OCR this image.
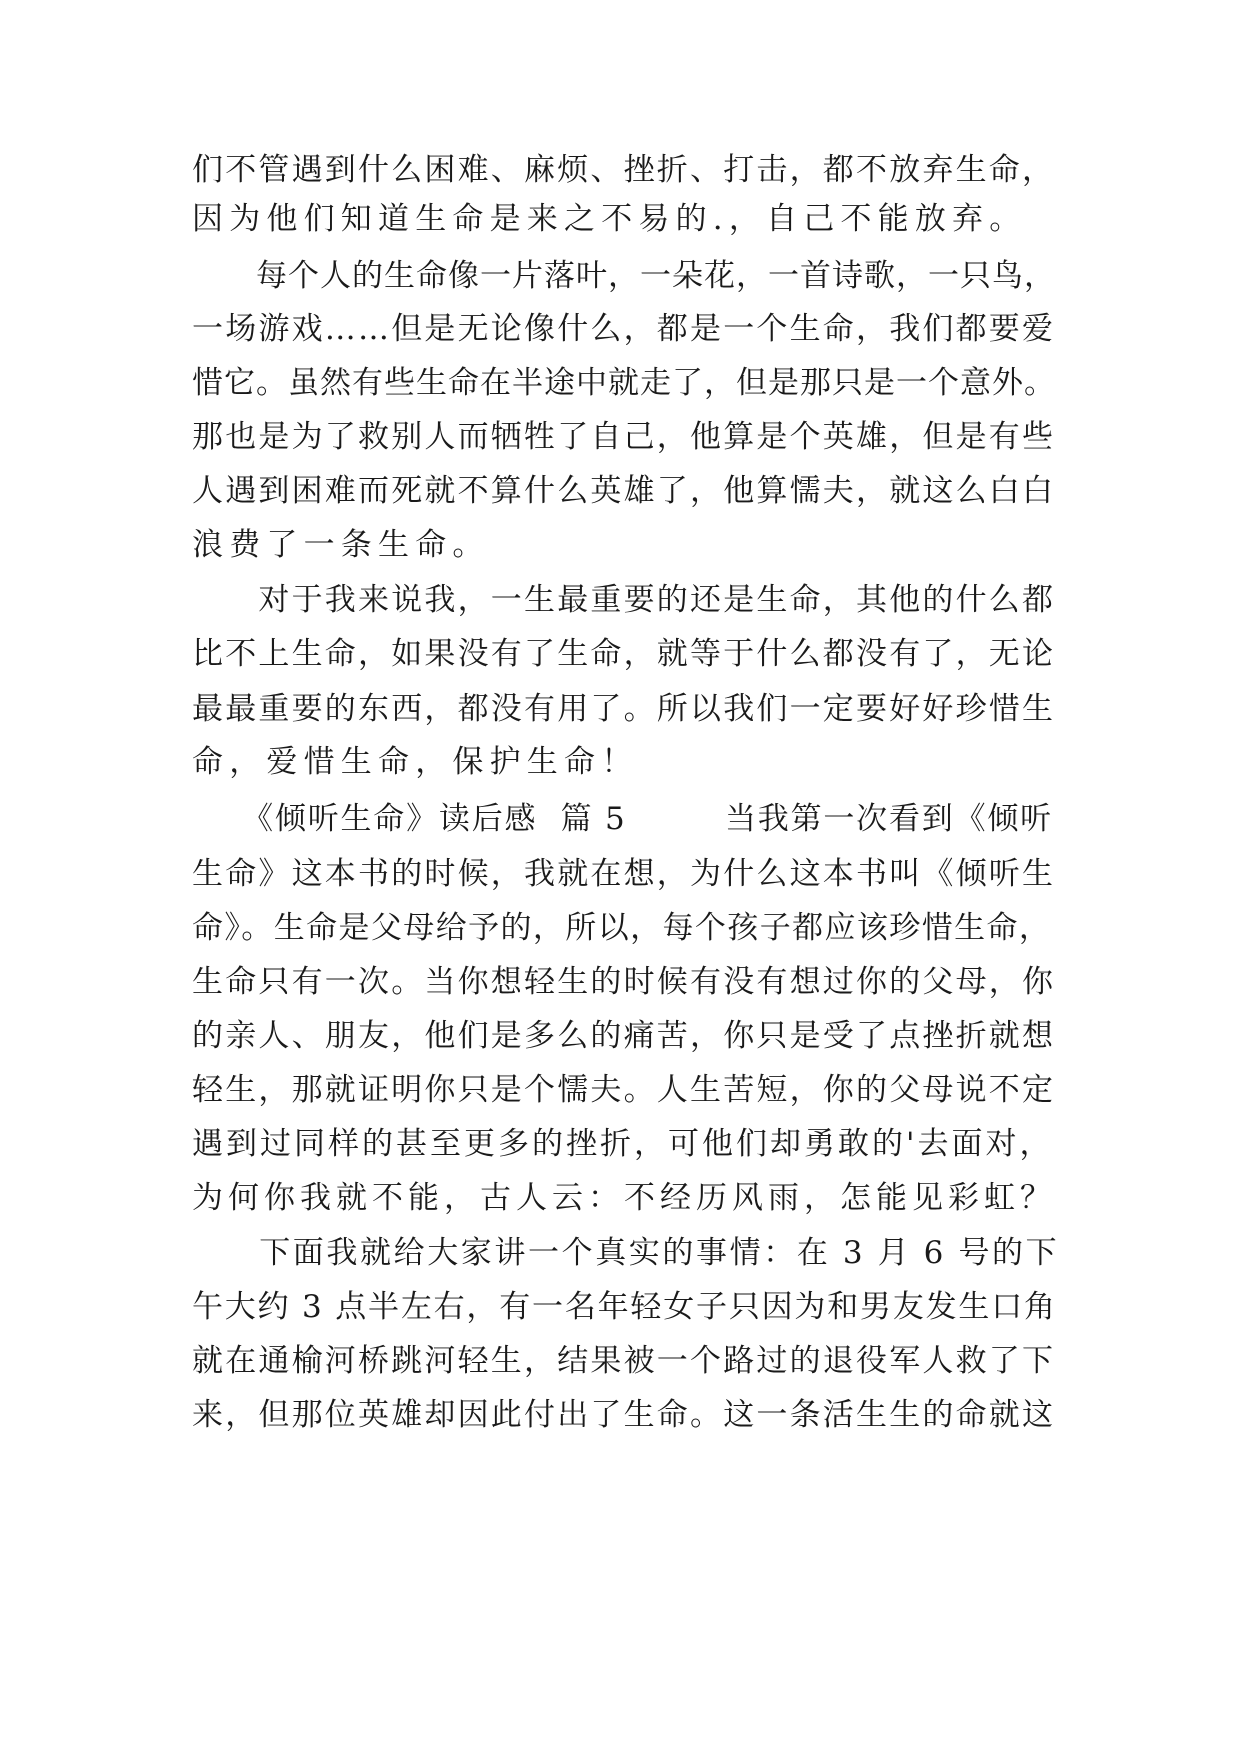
们不管遇到什么困难、麻烦、挫折、打击，都不放弃生命，
因为他们知道生命是来之不易的.，自己不能放弃。
　　每个人的生命像一片落叶，一朵花，一首诗歌，一只鸟，
一场游戏……但是无论像什么，都是一个生命，我们都要爱
惜它。虽然有些生命在半途中就走了，但是那只是一个意外。
那也是为了救别人而牺牲了自己，他算是个英雄，但是有些
人遇到困难而死就不算什么英雄了，他算懦夫，就这么白白
浪费了一条生命。
　　对于我来说我，一生最重要的还是生命，其他的什么都
比不上生命，如果没有了生命，就等于什么都没有了，无论
最最重要的东西，都没有用了。所以我们一定要好好珍惜生
命，爱惜生命，保护生命！
　　《倾听生命》读后感  篇 5　　　当我第一次看到《倾听
生命》这本书的时候，我就在想，为什么这本书叫《倾听生
命》。生命是父母给予的，所以，每个孩子都应该珍惜生命，
生命只有一次。当你想轻生的时候有没有想过你的父母，你
的亲人、朋友，他们是多么的痛苦，你只是受了点挫折就想
轻生，那就证明你只是个懦夫。人生苦短，你的父母说不定
遇到过同样的甚至更多的挫折，可他们却勇敢的'去面对，
为何你我就不能，古人云：不经历风雨，怎能见彩虹？
　　下面我就给大家讲一个真实的事情：在 3 月 6 号的下
午大约 3 点半左右，有一名年轻女子只因为和男友发生口角
就在通榆河桥跳河轻生，结果被一个路过的退役军人救了下
来，但那位英雄却因此付出了生命。这一条活生生的命就这
